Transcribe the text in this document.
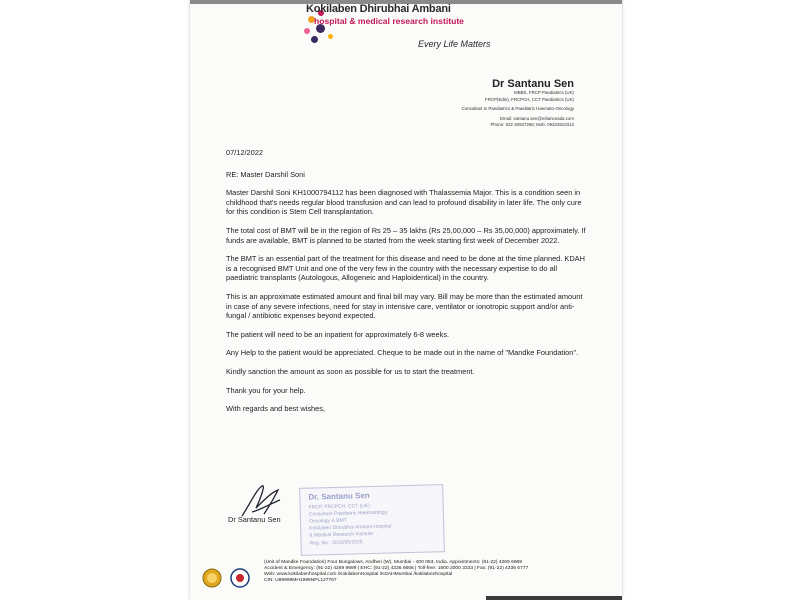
Kokilaben Dhirubhai Ambani
hospital & medical research institute
Every Life Matters
Dr Santanu Sen
MBBS, FRCP Paediatrics (UK)
FRCP(Edin), FRCPCH, CCT Paediatrics (UK)
Consultant in Paediatrics & Paediatric Haemato-Oncology
Email: santanu.sen@relianceada.com
Phone: 022 30937266; Mob: 09324810313

07/12/2022

RE: Master Darshil Soni

Master Darshil Soni KH1000794112 has been diagnosed with Thalassemia Major. This is a condition seen in childhood that's needs regular blood transfusion and can lead to profound disability in later life. The only cure for this condition is Stem Cell transplantation.

The total cost of BMT will be in the region of Rs 25 – 35 lakhs (Rs 25,00,000 – Rs 35,00,000) approximately. If funds are available, BMT is planned to be started from the week starting first week of December 2022.

The BMT is an essential part of the treatment for this disease and need to be done at the time planned. KDAH is a recognised BMT Unit and one of the very few in the country with the necessary expertise to do all paediatric transplants (Autologous, Allogeneic and Haploidentical) in the country.

This is an approximate estimated amount and final bill may vary. Bill may be more than the estimated amount in case of any severe infections, need for stay in intensive care, ventilator or ionotropic support and/or anti-fungal / antibiotic expenses beyond expected.

The patient will need to be an inpatient for approximately 6-8 weeks.

Any Help to the patient would be appreciated. Cheque to be made out in the name of "Mandke Foundation".

Kindly sanction the amount as soon as possible for us to start the treatment.

Thank you for your help.

With regards and best wishes,

Dr Santanu Sen
Dr. Santanu Sen
FRCP, FRCPCH, CCT (UK)
Consultant Paediatric Haematology,
Oncology & BMT
Kokilaben Dhirubhai Ambani Hospital
& Medical Research Institute
Reg. No.: 2010/05/2025
(Unit of Mandke Foundation) Four Bungalows, Andheri (W), Mumbai - 400 053, India. Appointments: (91-22) 4269 6969
Accident & Emergency: (91-22) 4269 9999 | EHC: (91-22) 4336 6666 | Toll-free: 1800 2000 3333 | Fax: (91-22) 4336 6777
Web: www.kokilabenhospital.com /KokilabenHospital /KDAHMumbai /kokilabenhospital
CIN: U99999MH1996NPL127767
